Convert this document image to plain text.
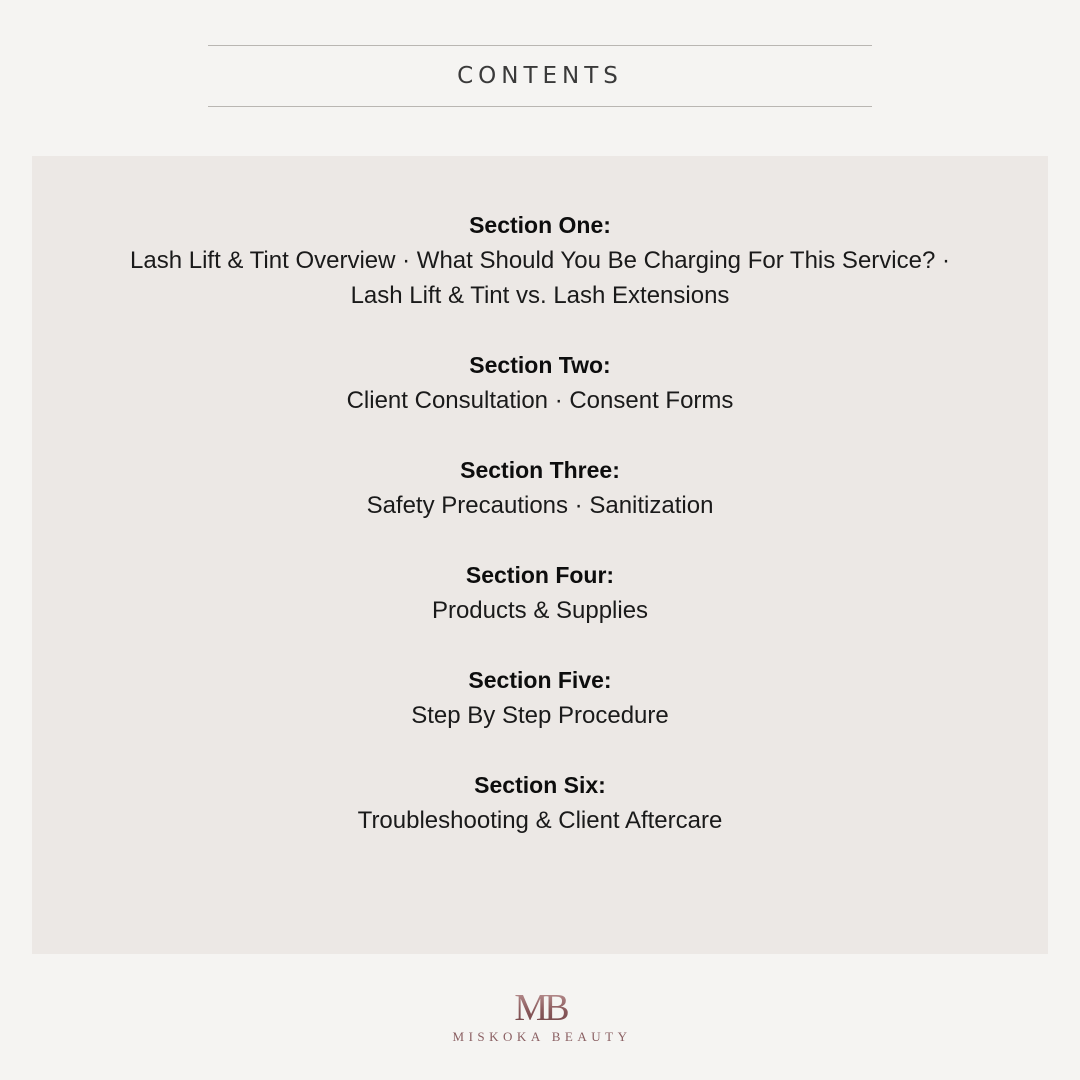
CONTENTS
Section One:
Lash Lift & Tint Overview · What Should You Be Charging For This Service? ·
Lash Lift & Tint vs. Lash Extensions
Section Two:
Client Consultation · Consent Forms
Section Three:
Safety Precautions · Sanitization
Section Four:
Products & Supplies
Section Five:
Step By Step Procedure
Section Six:
Troubleshooting & Client Aftercare
MB
MISKOKA BEAUTY
